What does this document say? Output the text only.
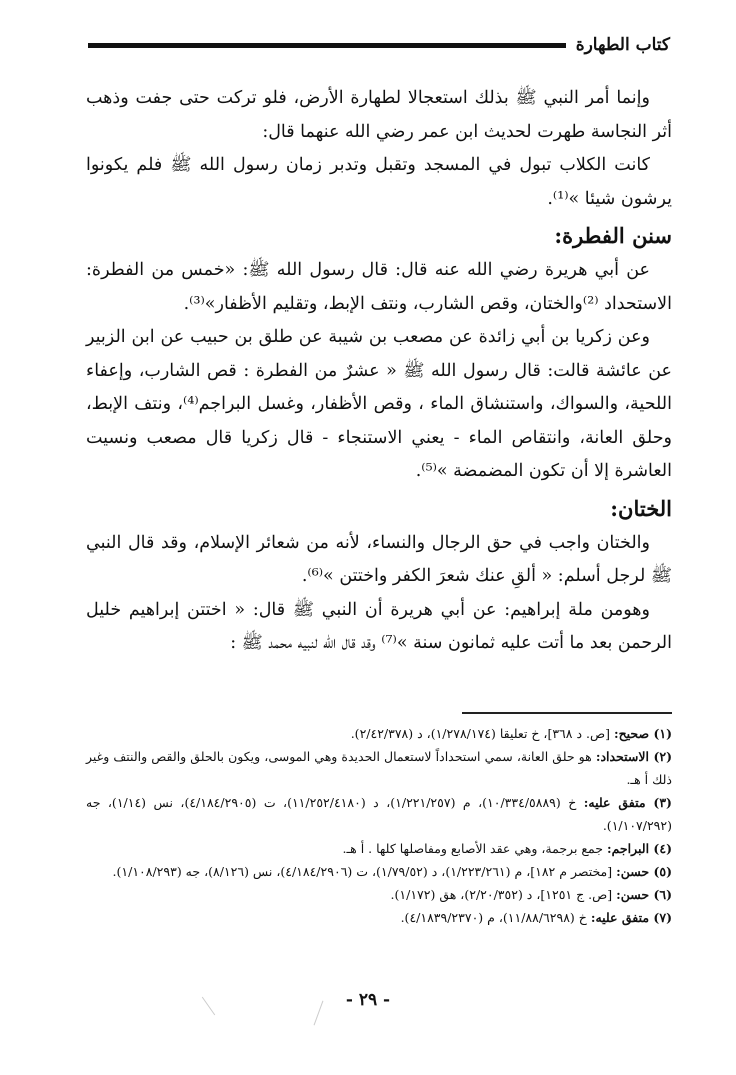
كتاب الطهارة

وإنما أمر النبي ﷺ بذلك استعجالا لطهارة الأرض، فلو تركت حتى جفت وذهب أثر النجاسة طهرت لحديث ابن عمر رضي الله عنهما قال:

كانت الكلاب تبول في المسجد وتقبل وتدبر زمان رسول الله ﷺ فلم يكونوا يرشون شيئا »⁽¹⁾.

سنن الفطرة:

عن أبي هريرة رضي الله عنه قال: قال رسول الله ﷺ: «خمس من الفطرة: الاستحداد ⁽²⁾والختان، وقص الشارب، ونتف الإبط، وتقليم الأظفار»⁽³⁾.

وعن زكريا بن أبي زائدة عن مصعب بن شيبة عن طلق بن حبيب عن ابن الزبير عن عائشة قالت: قال رسول الله ﷺ « عشرٌ من الفطرة : قص الشارب، وإعفاء اللحية، والسواك، واستنشاق الماء ، وقص الأظفار، وغسل البراجم⁽⁴⁾، ونتف الإبط، وحلق العانة، وانتقاص الماء - يعني الاستنجاء - قال زكريا قال مصعب ونسيت العاشرة إلا أن تكون المضمضة »⁽⁵⁾.

الختان:

والختان واجب في حق الرجال والنساء، لأنه من شعائر الإسلام، وقد قال النبي ﷺ لرجل أسلم: « ألقِ عنك شعرَ الكفر واختتن »⁽⁶⁾.

وهومن ملة إبراهيم: عن أبي هريرة أن النبي ﷺ قال: « اختتن إبراهيم خليل الرحمن بعد ما أتت عليه ثمانون سنة »⁽⁷⁾ وقد قال الله لنبيه محمد ﷺ :

(١) صحيح: [ص. د ٣٦٨]، خ تعليقا (١/٢٧٨/١٧٤)، د (٢/٤٢/٣٧٨).

(٢) الاستحداد: هو حلق العانة، سمي استحداداً لاستعمال الحديدة وهي الموسى، ويكون بالحلق والقص والنتف وغير ذلك أ هـ.

(٣) متفق عليه: خ (١٠/٣٣٤/٥٨٨٩)، م (١/٢٢١/٢٥٧)، د (١١/٢٥٢/٤١٨٠)، ت (٤/١٨٤/٢٩٠٥)، نس (١/١٤)، جه (١/١٠٧/٢٩٢).

(٤) البراجم: جمع برجمة، وهي عقد الأصابع ومفاصلها كلها . أ هـ.

(٥) حسن: [مختصر م ١٨٢]، م (١/٢٢٣/٢٦١)، د (١/٧٩/٥٢)، ت (٤/١٨٤/٢٩٠٦)، نس (٨/١٢٦)، جه (١/١٠٨/٢٩٣).

(٦) حسن: [ص. ج ١٢٥١]، د (٢/٢٠/٣٥٢)، هق (١/١٧٢).

(٧) متفق عليه: خ (١١/٨٨/٦٢٩٨)، م (٤/١٨٣٩/٢٣٧٠).

- ٢٩ -
